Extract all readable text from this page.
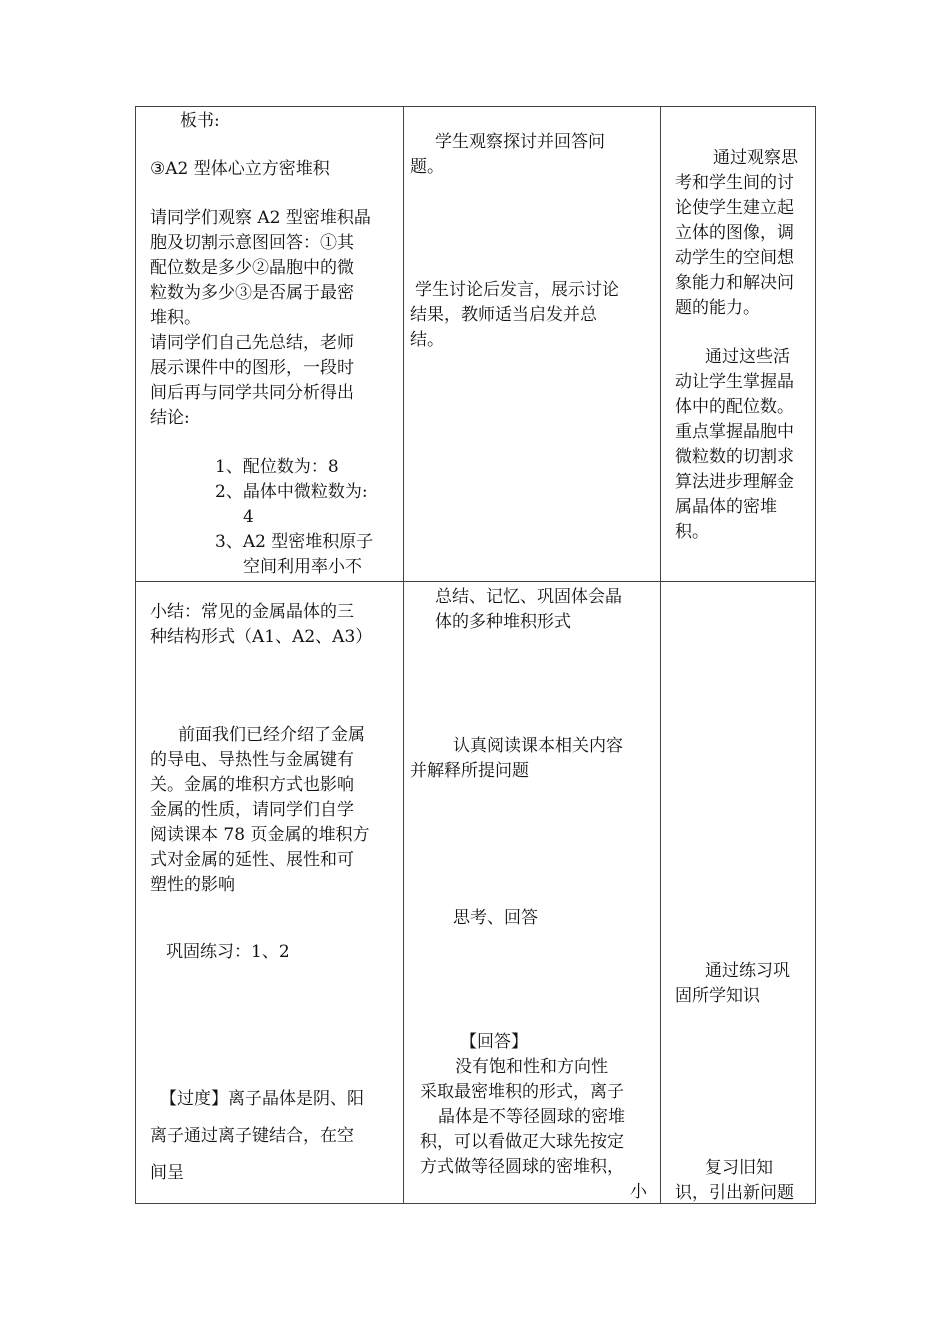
板书:
③A2 型体心立方密堆积
请同学们观察 A2 型密堆积晶
胞及切割示意图回答：①其
配位数是多少②晶胞中的微
粒数为多少③是否属于最密
堆积。
请同学们自己先总结，老师
展示课件中的图形，一段时
间后再与同学共同分析得出
结论:
1、配位数为：8
2、晶体中微粒数为:
4
3、A2 型密堆积原子
空间利用率小不
学生观察探讨并回答问
题。
学生讨论后发言，展示讨论
结果，教师适当启发并总
结。
通过观察思
考和学生间的讨
论使学生建立起
立体的图像，调
动学生的空间想
象能力和解决问
题的能力。
通过这些活
动让学生掌握晶
体中的配位数。
重点掌握晶胞中
微粒数的切割求
算法进步理解金
属晶体的密堆
积。
小结：常见的金属晶体的三
种结构形式（A1、A2、A3）
前面我们已经介绍了金属
的导电、导热性与金属键有
关。金属的堆积方式也影响
金属的性质，请同学们自学
阅读课本 78 页金属的堆积方
式对金属的延性、展性和可
塑性的影响
巩固练习：1、2
【过度】离子晶体是阴、阳
离子通过离子键结合，在空
间呈
总结、记忆、巩固体会晶
体的多种堆积形式
认真阅读课本相关内容
并解释所提问题
思考、回答
【回答】
没有饱和性和方向性
采取最密堆积的形式，离子
晶体是不等径圆球的密堆
积，可以看做疋大球先按定
方式做等径圆球的密堆积，
小
通过练习巩
固所学知识
复习旧知
识，引出新问题
